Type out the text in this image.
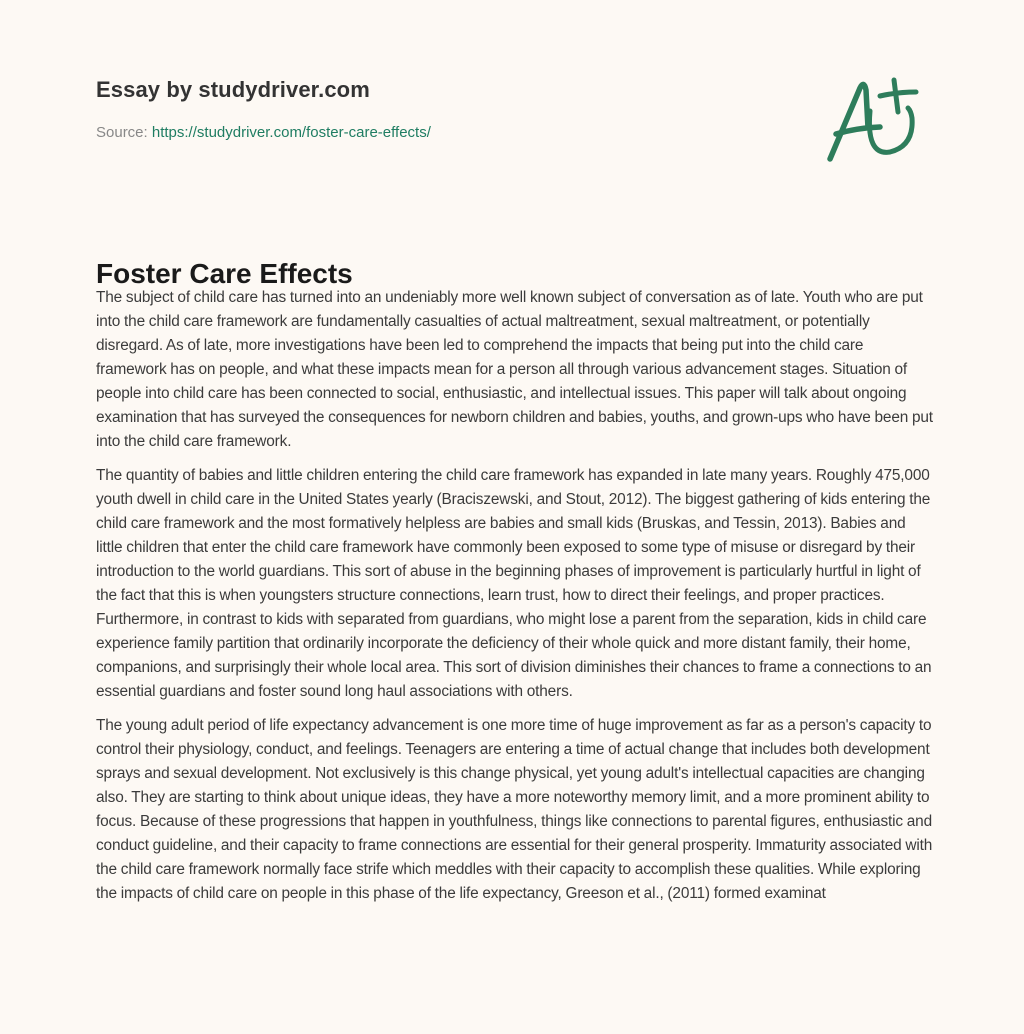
Essay by studydriver.com
Source: https://studydriver.com/foster-care-effects/
Foster Care Effects

The subject of child care has turned into an undeniably more well known subject of conversation as of late. Youth who are put into the child care framework are fundamentally casualties of actual maltreatment, sexual maltreatment, or potentially disregard. As of late, more investigations have been led to comprehend the impacts that being put into the child care framework has on people, and what these impacts mean for a person all through various advancement stages. Situation of people into child care has been connected to social, enthusiastic, and intellectual issues. This paper will talk about ongoing examination that has surveyed the consequences for newborn children and babies, youths, and grown-ups who have been put into the child care framework.

The quantity of babies and little children entering the child care framework has expanded in late many years. Roughly 475,000 youth dwell in child care in the United States yearly (Braciszewski, and Stout, 2012). The biggest gathering of kids entering the child care framework and the most formatively helpless are babies and small kids (Bruskas, and Tessin, 2013). Babies and little children that enter the child care framework have commonly been exposed to some type of misuse or disregard by their introduction to the world guardians. This sort of abuse in the beginning phases of improvement is particularly hurtful in light of the fact that this is when youngsters structure connections, learn trust, how to direct their feelings, and proper practices. Furthermore, in contrast to kids with separated from guardians, who might lose a parent from the separation, kids in child care experience family partition that ordinarily incorporate the deficiency of their whole quick and more distant family, their home, companions, and surprisingly their whole local area. This sort of division diminishes their chances to frame a connections to an essential guardians and foster sound long haul associations with others.

The young adult period of life expectancy advancement is one more time of huge improvement as far as a person's capacity to control their physiology, conduct, and feelings. Teenagers are entering a time of actual change that includes both development sprays and sexual development. Not exclusively is this change physical, yet young adult's intellectual capacities are changing also. They are starting to think about unique ideas, they have a more noteworthy memory limit, and a more prominent ability to focus. Because of these progressions that happen in youthfulness, things like connections to parental figures, enthusiastic and conduct guideline, and their capacity to frame connections are essential for their general prosperity. Immaturity associated with the child care framework normally face strife which meddles with their capacity to accomplish these qualities. While exploring the impacts of child care on people in this phase of the life expectancy, Greeson et al., (2011) formed examinat
